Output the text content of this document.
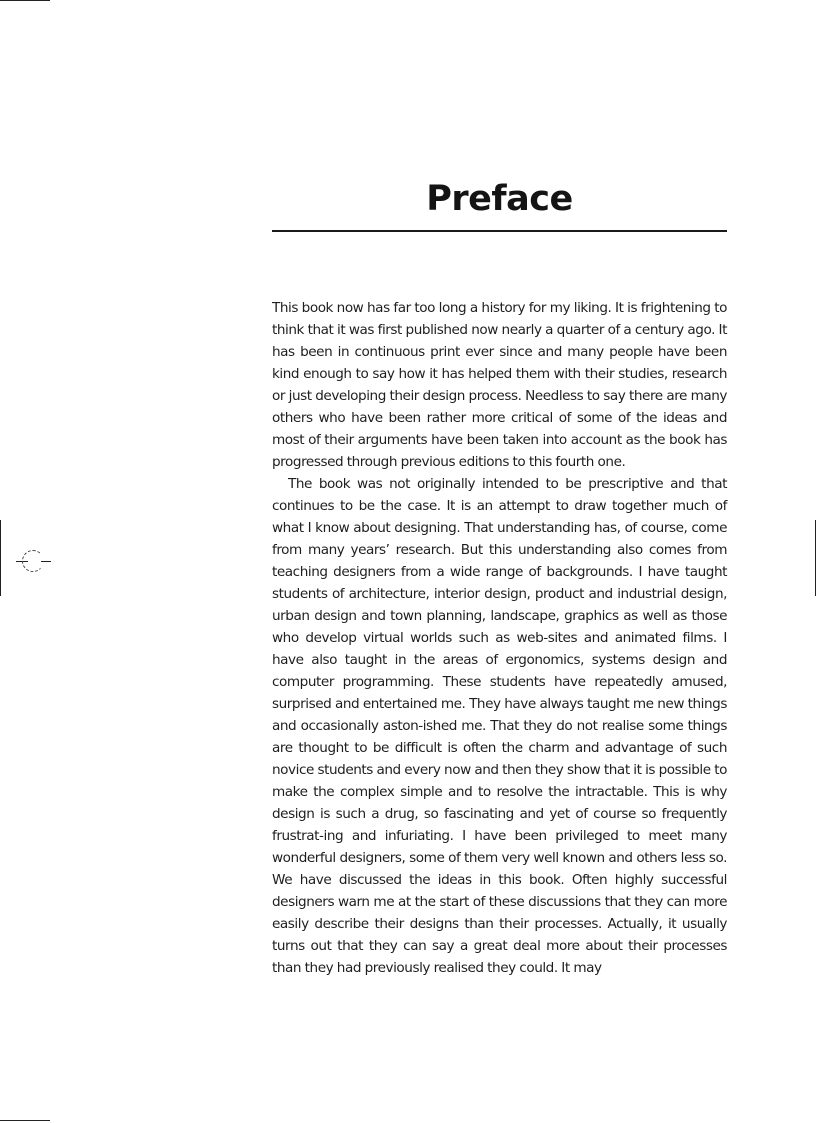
Preface

This book now has far too long a history for my liking. It is frightening to think that it was first published now nearly a quarter of a century ago. It has been in continuous print ever since and many people have been kind enough to say how it has helped them with their studies, research or just developing their design process. Needless to say there are many others who have been rather more critical of some of the ideas and most of their arguments have been taken into account as the book has progressed through previous editions to this fourth one.

The book was not originally intended to be prescriptive and that continues to be the case. It is an attempt to draw together much of what I know about designing. That understanding has, of course, come from many years’ research. But this understanding also comes from teaching designers from a wide range of backgrounds. I have taught students of architecture, interior design, product and industrial design, urban design and town planning, landscape, graphics as well as those who develop virtual worlds such as web-sites and animated films. I have also taught in the areas of ergonomics, systems design and computer programming. These students have repeatedly amused, surprised and entertained me. They have always taught me new things and occasionally aston-ished me. That they do not realise some things are thought to be difficult is often the charm and advantage of such novice students and every now and then they show that it is possible to make the complex simple and to resolve the intractable. This is why design is such a drug, so fascinating and yet of course so frequently frustrat-ing and infuriating. I have been privileged to meet many wonderful designers, some of them very well known and others less so. We have discussed the ideas in this book. Often highly successful designers warn me at the start of these discussions that they can more easily describe their designs than their processes. Actually, it usually turns out that they can say a great deal more about their processes than they had previously realised they could. It may
